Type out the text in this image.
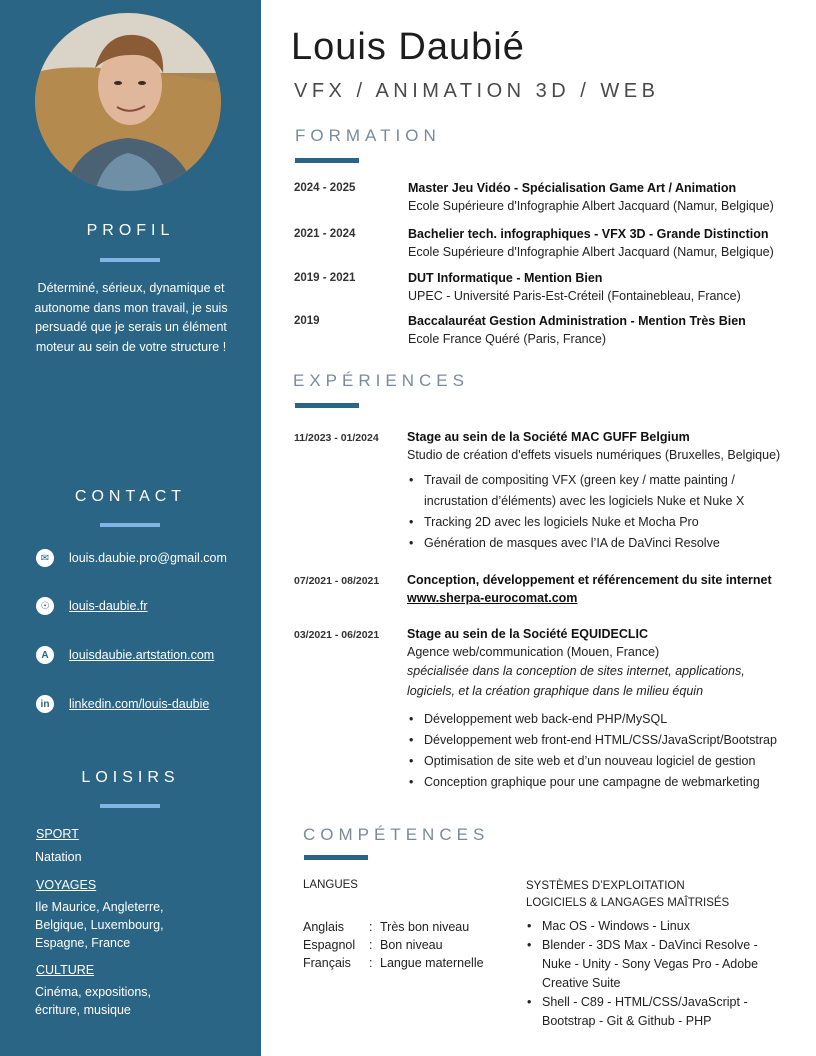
PROFIL
Déterminé, sérieux, dynamique et autonome dans mon travail, je suis persuadé que je serais un élément moteur au sein de votre structure !
CONTACT
✉	louis.daubie.pro@gmail.com
☉	louis-daubie.fr
A	louisdaubie.artstation.com
in	linkedin.com/louis-daubie
LOISIRS
SPORT
Natation
VOYAGES
Ile Maurice, Angleterre,
Belgique, Luxembourg,
Espagne, France
CULTURE
Cinéma, expositions,
écriture, musique
Louis Daubié
VFX / ANIMATION 3D / WEB
FORMATION
2024 - 2025	Master Jeu Vidéo - Spécialisation Game Art / Animation
Ecole Supérieure d'Infographie Albert Jacquard (Namur, Belgique)
2021 - 2024	Bachelier tech. infographiques - VFX 3D - Grande Distinction
Ecole Supérieure d'Infographie Albert Jacquard (Namur, Belgique)
2019 - 2021	DUT Informatique - Mention Bien
UPEC - Université Paris-Est-Créteil (Fontainebleau, France)
2019	Baccalauréat Gestion Administration - Mention Très Bien
Ecole France Quéré (Paris, France)
EXPÉRIENCES
11/2023 - 01/2024 Stage au sein de la Société MAC GUFF Belgium
Studio de création d'effets visuels numériques (Bruxelles, Belgique)
• Travail de compositing VFX (green key / matte painting /
incrustation d’éléments) avec les logiciels Nuke et Nuke X
• Tracking 2D avec les logiciels Nuke et Mocha Pro
• Génération de masques avec l’IA de DaVinci Resolve
07/2021 - 08/2021 Conception, développement et référencement du site internet
www.sherpa-eurocomat.com
03/2021 - 06/2021 Stage au sein de la Société EQUIDECLIC
Agence web/communication (Mouen, France)
spécialisée dans la conception de sites internet, applications, logiciels, et la création graphique dans le milieu équin
• Développement web back-end PHP/MySQL
• Développement web front-end HTML/CSS/JavaScript/Bootstrap
• Optimisation de site web et d’un nouveau logiciel de gestion
• Conception graphique pour une campagne de webmarketing
COMPÉTENCES
LANGUES
Anglais : Très bon niveau
Espagnol : Bon niveau
Français : Langue maternelle
SYSTÈMES D’EXPLOITATION
LOGICIELS & LANGAGES MAÎTRISÉS
• Mac OS - Windows - Linux
• Blender - 3DS Max - DaVinci Resolve - Nuke - Unity - Sony Vegas Pro - Adobe Creative Suite
• Shell - C89 - HTML/CSS/JavaScript - Bootstrap - Git & Github - PHP
